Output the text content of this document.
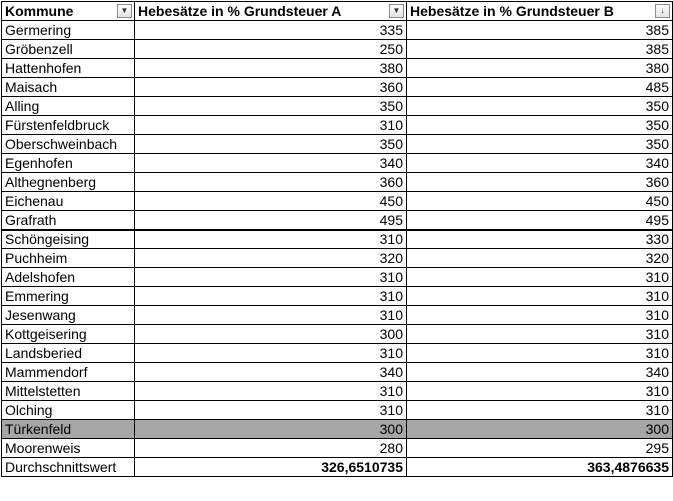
Kommune ▼	Hebesätze in % Grundsteuer A ▼	Hebesätze in % Grundsteuer B ↓

Germering	335	385
Gröbenzell	250	385
Hattenhofen	380	380
Maisach	360	485
Alling	350	350
Fürstenfeldbruck	310	350
Oberschweinbach	350	350
Egenhofen	340	340
Althegnenberg	360	360
Eichenau	450	450
Grafrath	495	495
Schöngeising	310	330
Puchheim	320	320
Adelshofen	310	310
Emmering	310	310
Jesenwang	310	310
Kottgeisering	300	310
Landsberied	310	310
Mammendorf	340	340
Mittelstetten	310	310
Olching	310	310
Türkenfeld	300	300
Moorenweis	280	295
Durchschnittswert	326,6510735	363,4876635
